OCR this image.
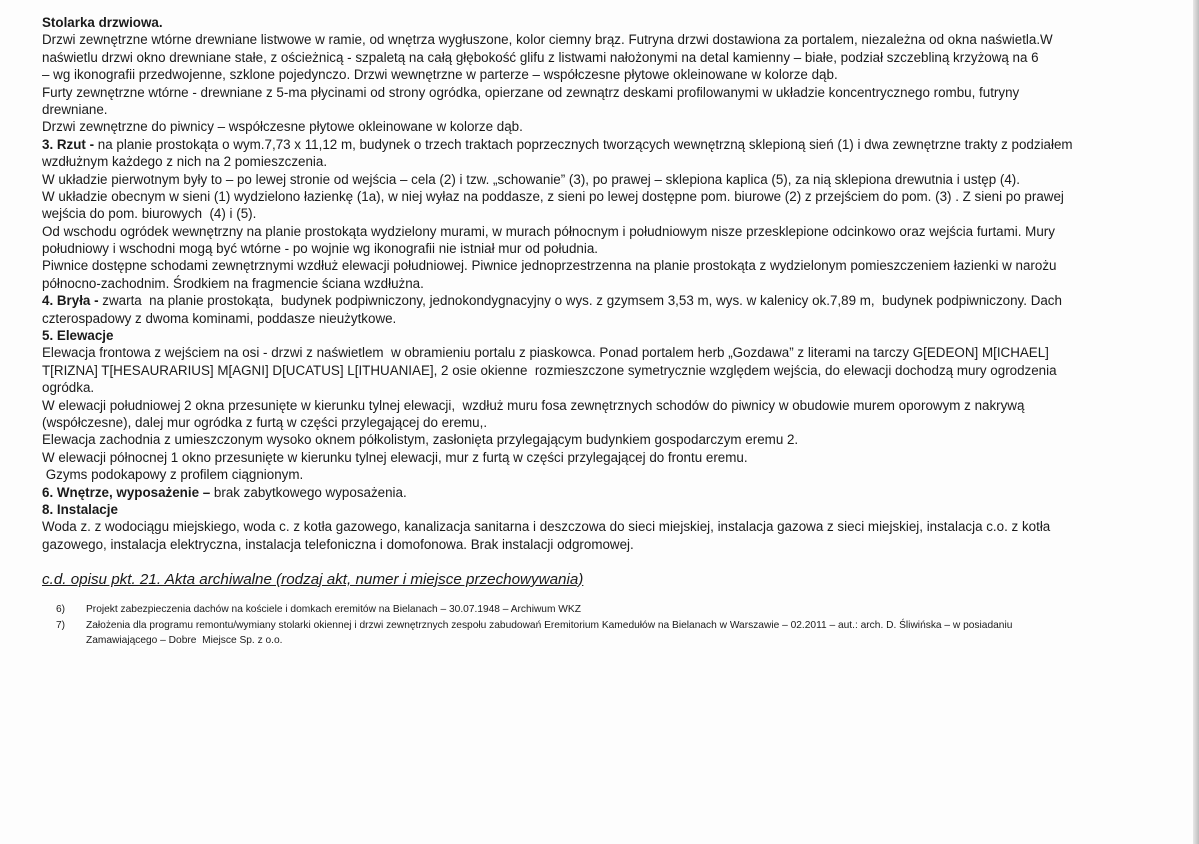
Stolarka drzwiowa.
Drzwi zewnętrzne wtórne drewniane listwowe w ramie, od wnętrza wygłuszone, kolor ciemny brąz. Futryna drzwi dostawiona za portalem, niezależna od okna naświetla.W
naświetlu drzwi okno drewniane stałe, z ościeżnicą - szpaletą na całą głębokość glifu z listwami nałożonymi na detal kamienny – białe, podział szczebliną krzyżową na 6
– wg ikonografii przedwojenne, szklone pojedynczo. Drzwi wewnętrzne w parterze – współczesne płytowe okleinowane w kolorze dąb.
Furty zewnętrzne wtórne - drewniane z 5-ma płycinami od strony ogródka, opierzane od zewnątrz deskami profilowanymi w układzie koncentrycznego rombu, futryny
drewniane.
Drzwi zewnętrzne do piwnicy – współczesne płytowe okleinowane w kolorze dąb.
3. Rzut - na planie prostokąta o wym.7,73 x 11,12 m, budynek o trzech traktach poprzecznych tworzących wewnętrzną sklepioną sień (1) i dwa zewnętrzne trakty z podziałem
wzdłużnym każdego z nich na 2 pomieszczenia.
W układzie pierwotnym były to – po lewej stronie od wejścia – cela (2) i tzw. „schowanie” (3), po prawej – sklepiona kaplica (5), za nią sklepiona drewutnia i ustęp (4).
W układzie obecnym w sieni (1) wydzielono łazienkę (1a), w niej wyłaz na poddasze, z sieni po lewej dostępne pom. biurowe (2) z przejściem do pom. (3) . Z sieni po prawej
wejścia do pom. biurowych  (4) i (5).
Od wschodu ogródek wewnętrzny na planie prostokąta wydzielony murami, w murach północnym i południowym nisze przesklepione odcinkowo oraz wejścia furtami. Mury
południowy i wschodni mogą być wtórne - po wojnie wg ikonografii nie istniał mur od południa.
Piwnice dostępne schodami zewnętrznymi wzdłuż elewacji południowej. Piwnice jednoprzestrzenna na planie prostokąta z wydzielonym pomieszczeniem łazienki w narożu
północno-zachodnim. Środkiem na fragmencie ściana wzdłużna.
4. Bryła - zwarta  na planie prostokąta,  budynek podpiwniczony, jednokondygnacyjny o wys. z gzymsem 3,53 m, wys. w kalenicy ok.7,89 m,  budynek podpiwniczony. Dach
czterospadowy z dwoma kominami, poddasze nieużytkowe.
5. Elewacje
Elewacja frontowa z wejściem na osi - drzwi z naświetlem  w obramieniu portalu z piaskowca. Ponad portalem herb „Gozdawa” z literami na tarczy G[EDEON] M[ICHAEL]
T[RIZNA] T[HESAURARIUS] M[AGNI] D[UCATUS] L[ITHUANIAE], 2 osie okienne  rozmieszczone symetrycznie względem wejścia, do elewacji dochodzą mury ogrodzenia
ogródka.
W elewacji południowej 2 okna przesunięte w kierunku tylnej elewacji,  wzdłuż muru fosa zewnętrznych schodów do piwnicy w obudowie murem oporowym z nakrywą
(współczesne), dalej mur ogródka z furtą w części przylegającej do eremu,.
Elewacja zachodnia z umieszczonym wysoko oknem półkolistym, zasłonięta przylegającym budynkiem gospodarczym eremu 2.
W elewacji północnej 1 okno przesunięte w kierunku tylnej elewacji, mur z furtą w części przylegającej do frontu eremu.
Gzyms podokapowy z profilem ciągnionym.
6. Wnętrze, wyposażenie – brak zabytkowego wyposażenia.
8. Instalacje
Woda z. z wodociągu miejskiego, woda c. z kotła gazowego, kanalizacja sanitarna i deszczowa do sieci miejskiej, instalacja gazowa z sieci miejskiej, instalacja c.o. z kotła
gazowego, instalacja elektryczna, instalacja telefoniczna i domofonowa. Brak instalacji odgromowej.
c.d. opisu pkt. 21. Akta archiwalne (rodzaj akt, numer i miejsce przechowywania)
6)	Projekt zabezpieczenia dachów na kościele i domkach eremitów na Bielanach – 30.07.1948 – Archiwum WKZ
7)	Założenia dla programu remontu/wymiany stolarki okiennej i drzwi zewnętrznych zespołu zabudowań Eremitorium Kamedułów na Bielanach w Warszawie – 02.2011 – aut.: arch. D. Śliwińska – w posiadaniu
Zamawiającego – Dobre  Miejsce Sp. z o.o.
